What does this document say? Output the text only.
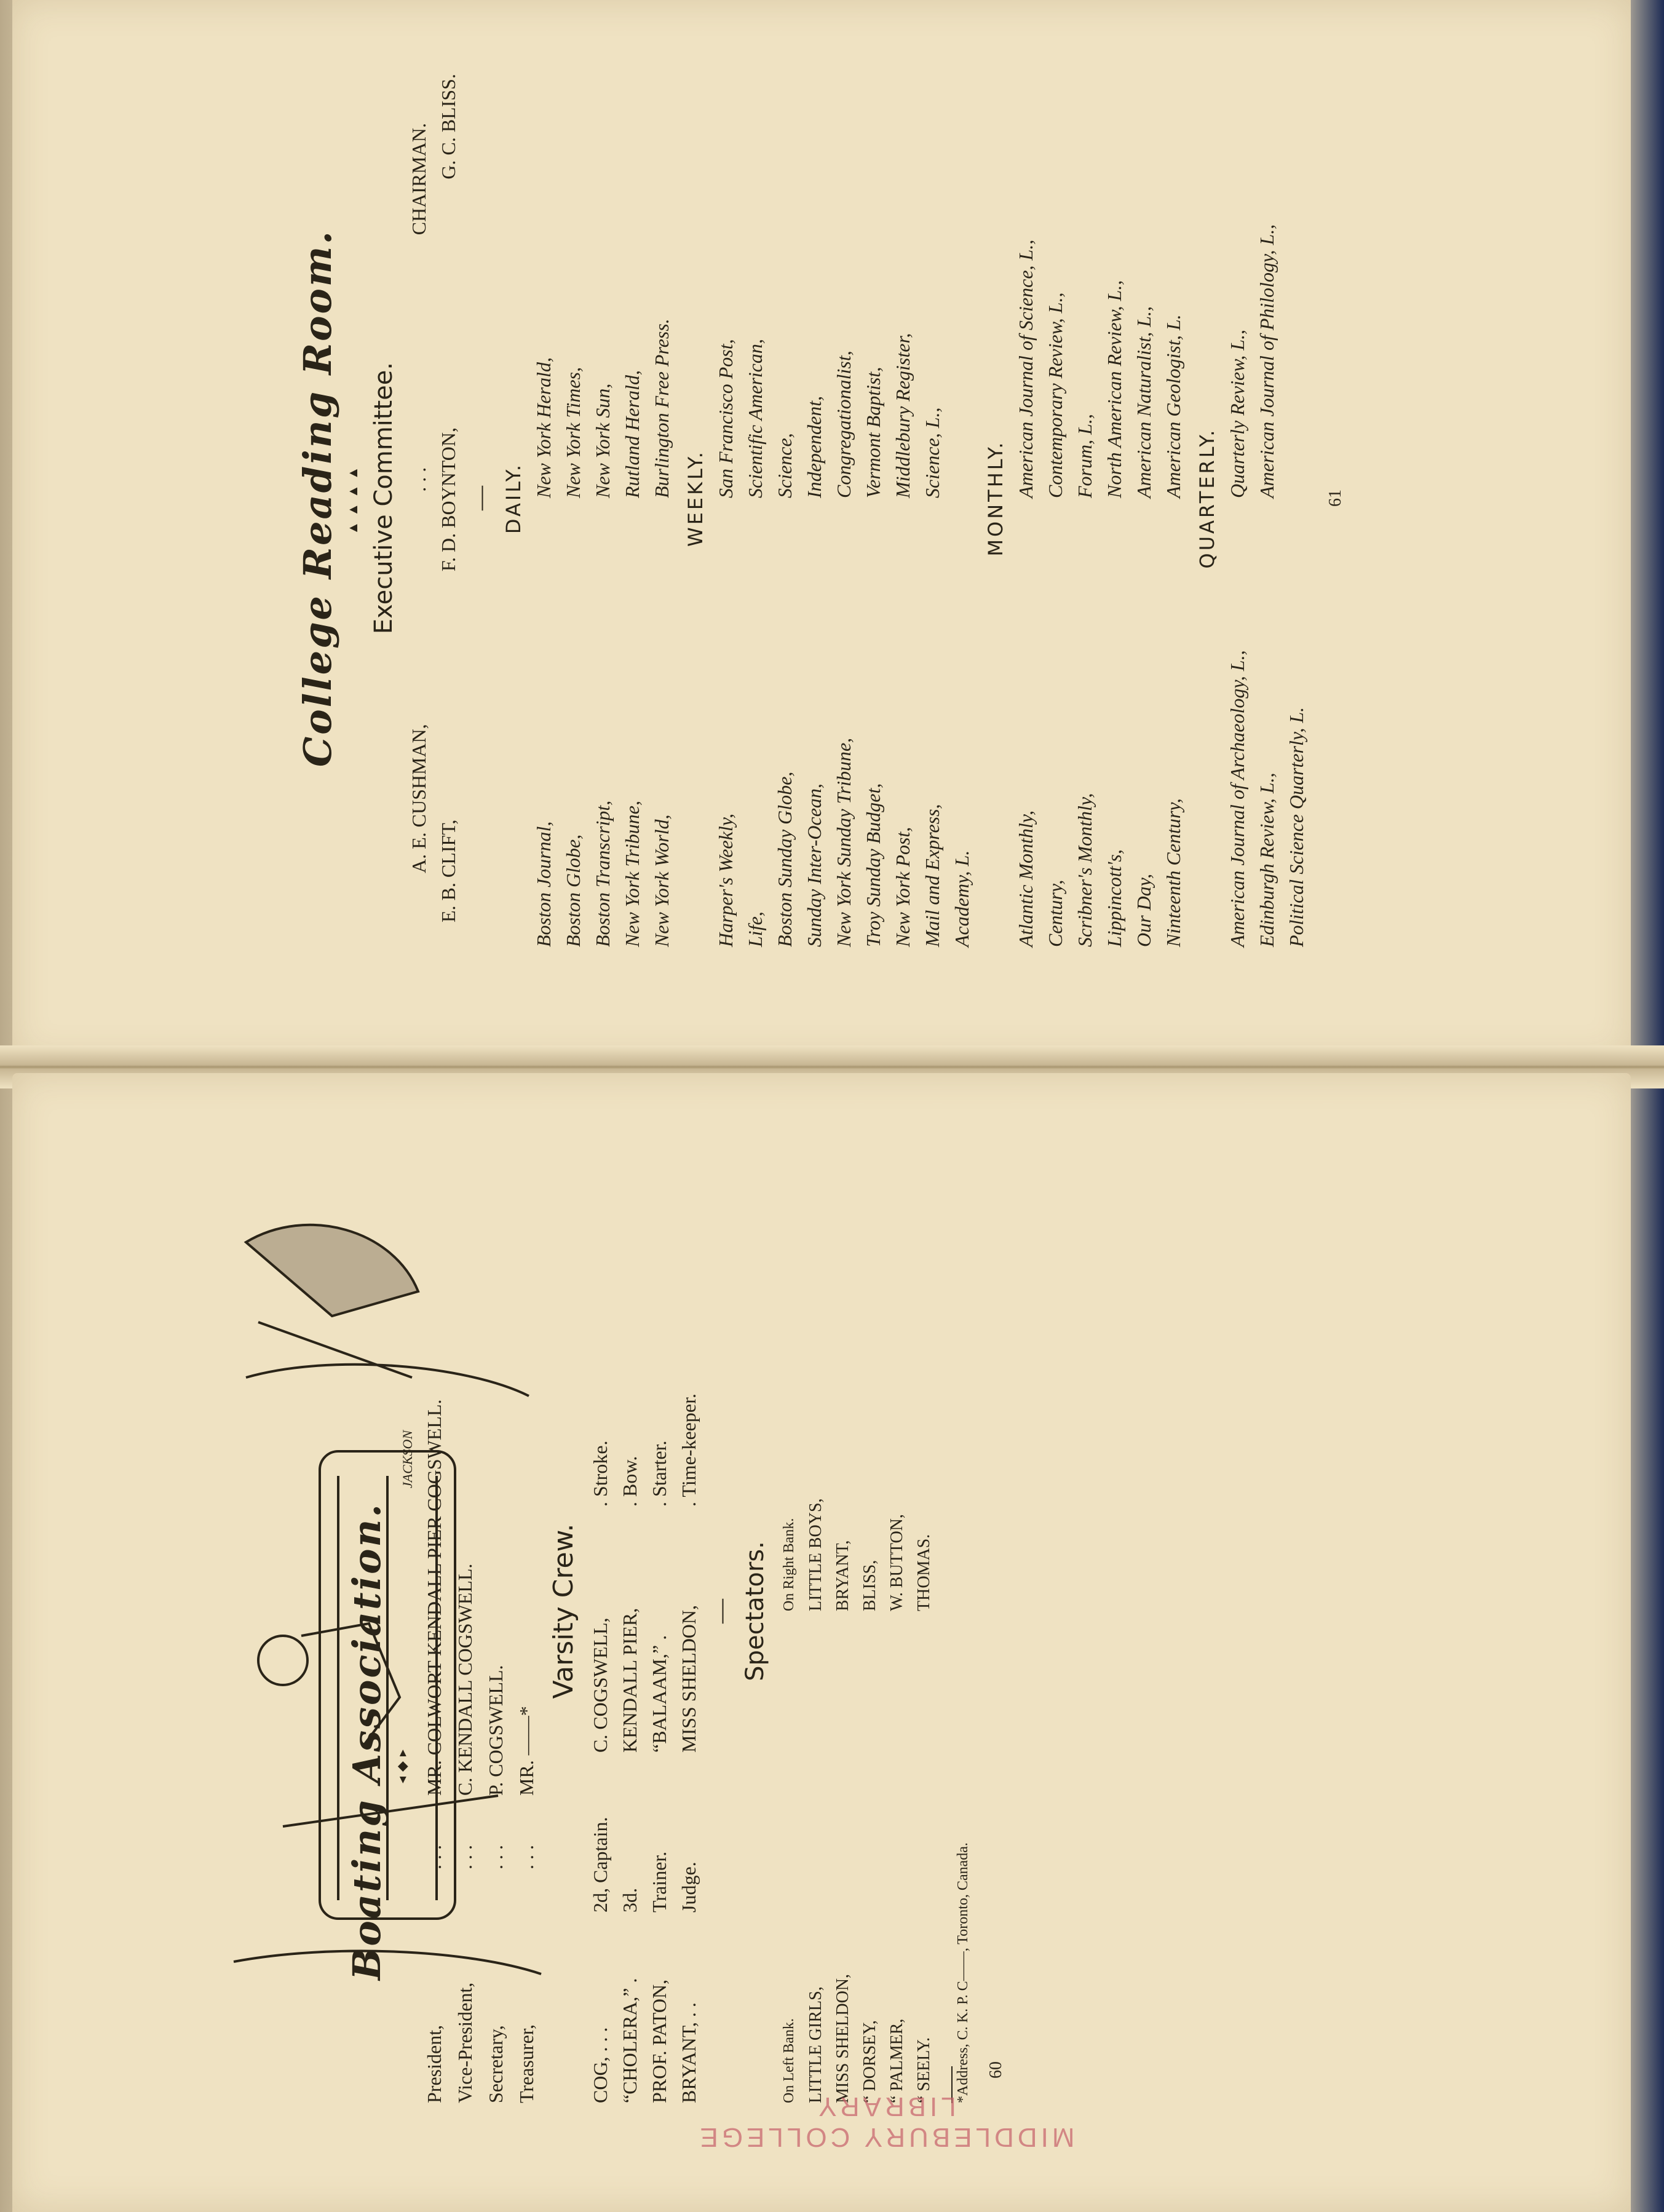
College Reading Room. ▲▲▲▲ Executive Committee.
A. E. CUSHMAN,
. . .
CHAIRMAN.
E. B. CLIFT,
F. D. BOYNTON,
G. C. BLISS.
— DAILY.
Boston Journal, Boston Globe, Boston Transcript, New York Tribune, New York World,
New York Herald, New York Times, New York Sun, Rutland Herald, Burlington Free Press. WEEKLY.
Harper's Weekly, Life, Boston Sunday Globe, Sunday Inter-Ocean, New York Sunday Tribune, Troy Sunday Budget, New York Post, Mail and Express, Academy, L.
San Francisco Post, Scientific American, Science, Independent, Congregationalist, Vermont Baptist, Middlebury Register, Science, L., MONTHLY.
Atlantic Monthly, Century, Scribner's Monthly, Lippincott's, Our Day, Ninteenth Century,
American Journal of Science, L., Contemporary Review, L., Forum, L., North American Review, L., American Naturalist, L., American Geologist, L. QUARTERLY.
American Journal of Archaeology, L., Edinburgh Review, L., Political Science Quarterly, L.
Quarterly Review, L., American Journal of Philology, L.,	61
JACKSON
Boating Association. ◂◆▸
President,
. . .
MR. COLWORT KENDALL PIER COGSWELL.
Vice-President,
. . .
C. KENDALL COGSWELL.
Secretary,
. . .
P. COGSWELL.
Treasurer,
. . .
MR. ——*
Varsity Crew.
COG, . . .
2d, Captain.
C. COGSWELL,
. Stroke.
“CHOLERA,” .
3d.
KENDALL PIER,
. Bow.
PROF. PATON,
Trainer.
“BALAAM,” .
. Starter.
BRYANT, . .
Judge.
MISS SHELDON,
. Time-keeper.
— Spectators.
On Left Bank. LITTLE GIRLS, MISS SHELDON, “ DORSEY, “ PALMER, “ SEELY.
On Right Bank. LITTLE BOYS, BRYANT, BLISS, W. BUTTON, THOMAS.
*Address, C. K. P. C——, Toronto, Canada. 60
MIDDLEBURY COLLEGE LIBRARY
